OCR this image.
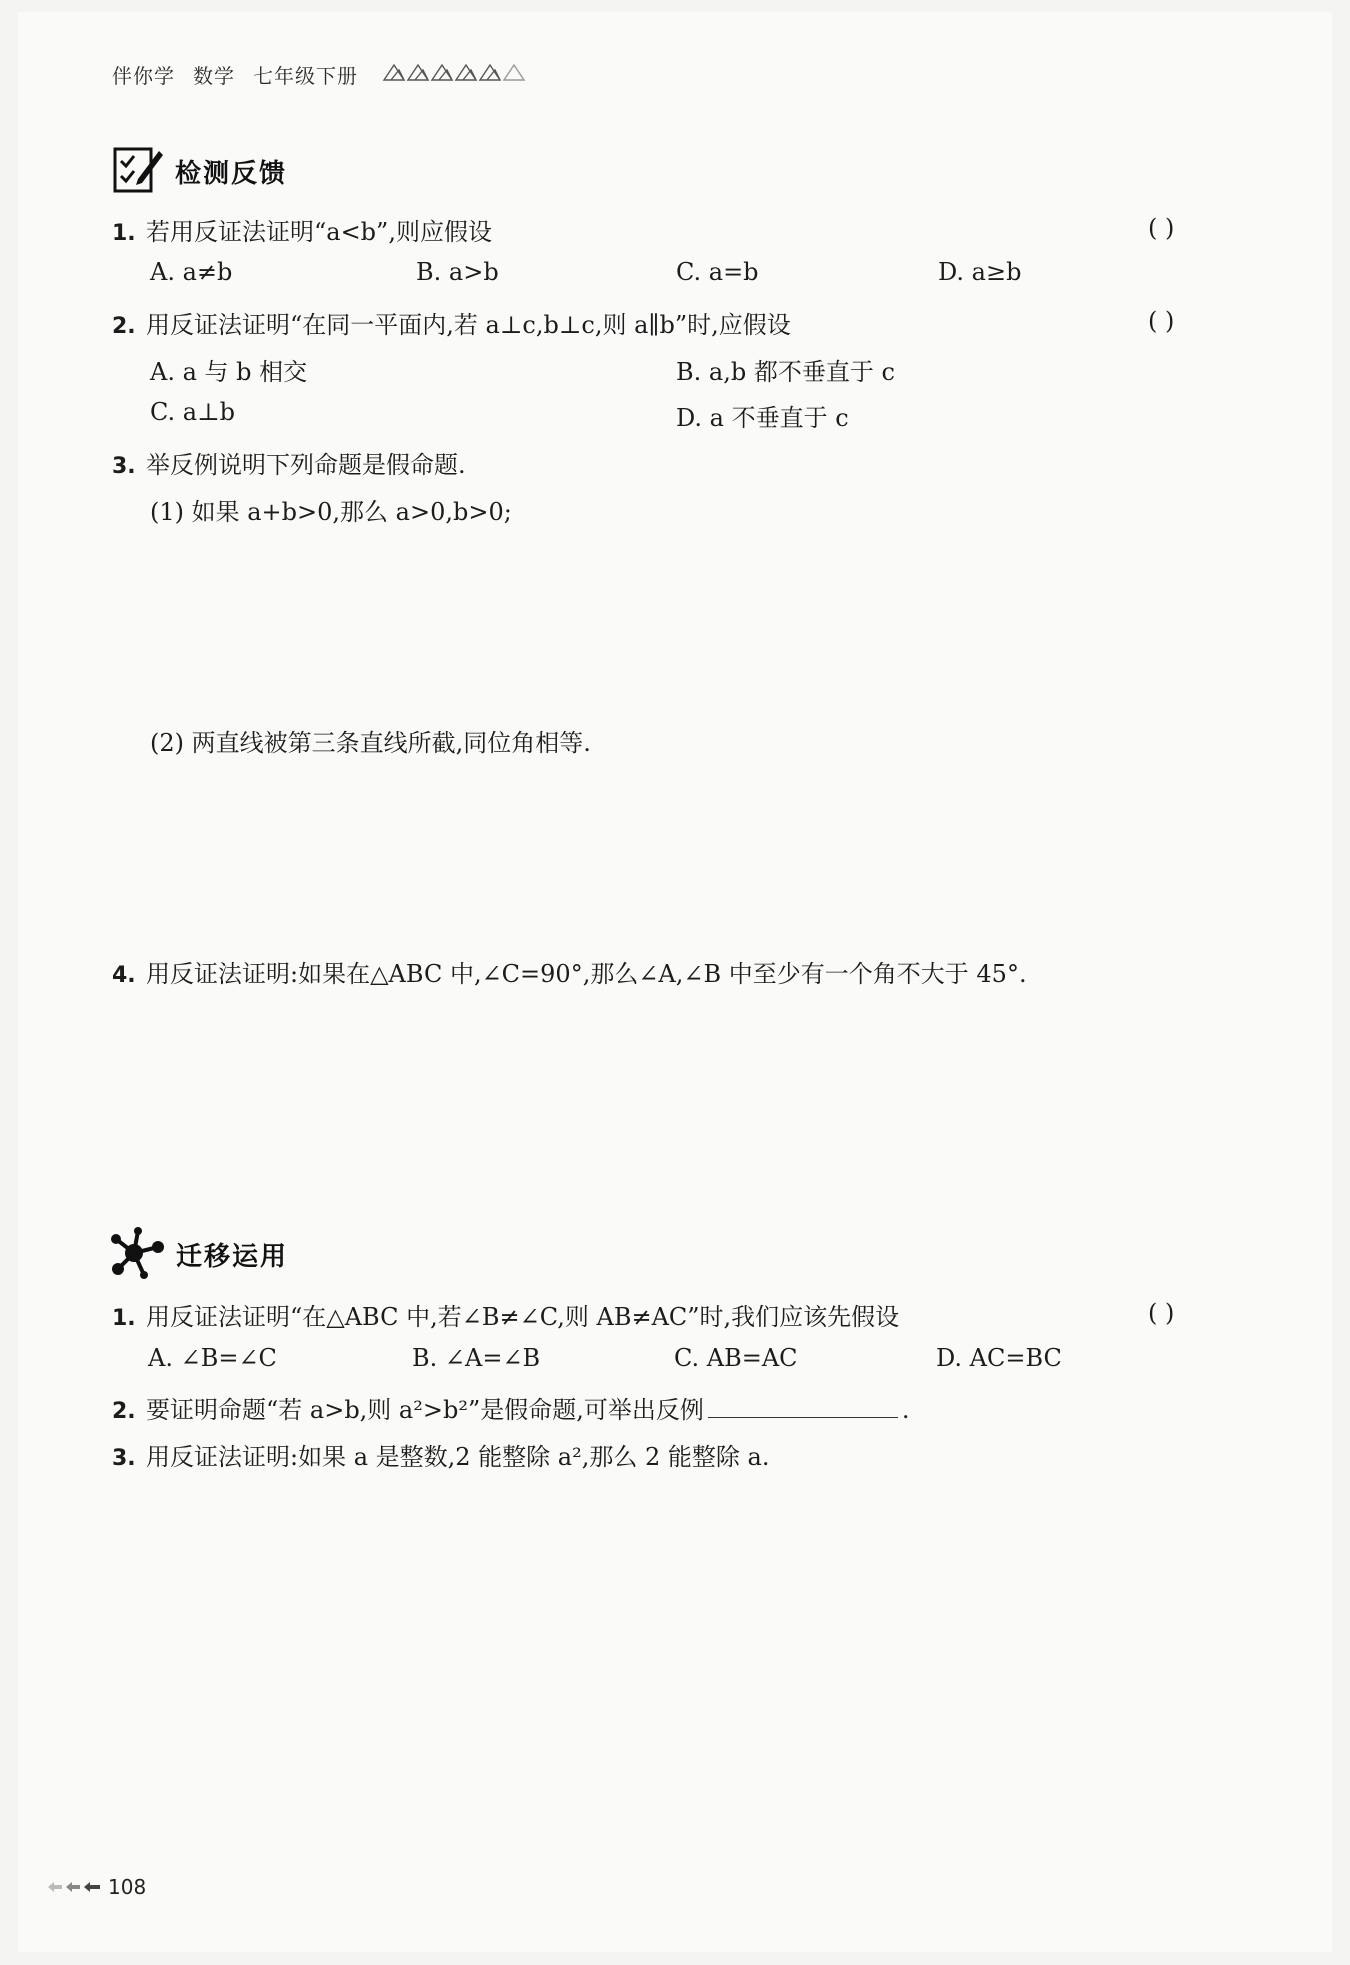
伴你学 数学 七年级下册
检测反馈
1. 若用反证法证明“a<b”,则应假设	( )
A. a≠b	B. a>b	C. a=b	D. a≥b
2. 用反证法证明“在同一平面内,若 a⊥c,b⊥c,则 a∥b”时,应假设	( )
A. a 与 b 相交	B. a,b 都不垂直于 c
C. a⊥b	D. a 不垂直于 c
3. 举反例说明下列命题是假命题.
(1) 如果 a+b>0,那么 a>0,b>0;
(2) 两直线被第三条直线所截,同位角相等.
4. 用反证法证明:如果在△ABC 中,∠C=90°,那么∠A,∠B 中至少有一个角不大于 45°.
迁移运用
1. 用反证法证明“在△ABC 中,若∠B≠∠C,则 AB≠AC”时,我们应该先假设	( )
A. ∠B=∠C	B. ∠A=∠B	C. AB=AC	D. AC=BC
2. 要证明命题“若 a>b,则 a²>b²”是假命题,可举出反例	.
3. 用反证法证明:如果 a 是整数,2 能整除 a²,那么 2 能整除 a.
108
